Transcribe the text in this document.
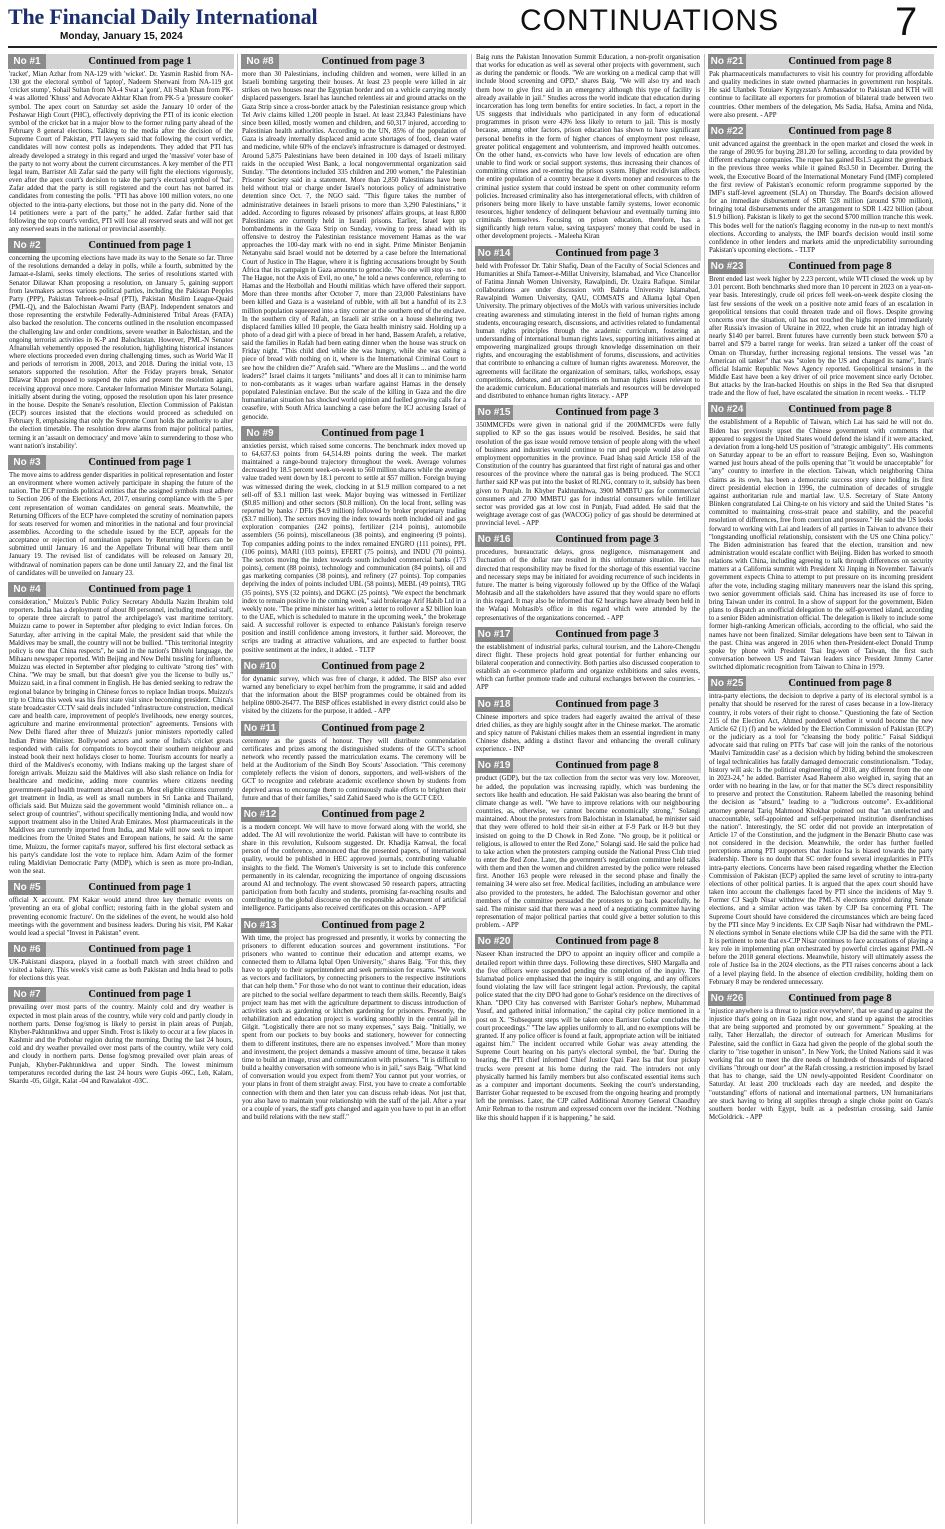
The Financial Daily International
Monday, January 15, 2024	CONTINUATIONS	7
No #1	Continued from page 1
'racket', Mian Azhar from NA-129 with 'wicket'. Dr. Yasmin Rashid from NA-130 got the electoral symbol of 'laptop', Nadeem Sherwani from NA-119 got 'cricket stump', Sohail Sultan from NA-4 Swat a 'gont', Ali Shah Khan from PK-4 was allotted 'Khuss' and Advocate Akhtar Khan from PK-5 a 'pressure cooker' symbol. The apex court on Saturday set aside the January 10 order of the Peshawar High Court (PHC), effectively depriving the PTI of its iconic election symbol of the cricket bat in a major blow to the former ruling party ahead of the February 8 general elections. Talking to the media after the decision of the Supreme Court of Pakistan, PTI lawyers said that following the court verdict, candidates will now contest polls as independents. They added that PTI has already developed a strategy in this regard and urged the 'massive' voter base of the party to not worry about the current circumstances. A key member of the PTI legal team, Barrister Ali Zafar said the party will fight the elections vigorously, even after the apex court's decision to take the party's electoral symbol of 'bat'. Zafar added that the party is still registered and the court has not barred its candidates from contesting the polls. "PTI has above 100 million voters, no one objected to the intra-party elections, but those not in the party did. None of the 14 petitioners were a part of the party," he added. Zafar further said that following the top court's verdict, PTI will lose all reserved seats and will not get any reserved seats in the national or provincial assembly.
No #2	Continued from page 1
concerning the upcoming elections have made its way to the Senate so far. Three of the resolutions demanded a delay in polls, while a fourth, submitted by the Jamaat-e-Islami, seeks timely elections. The series of resolutions started with Senator Dilawar Khan proposing a resolution, on January 5, gaining support from lawmakers across various political parties, including the Pakistan Peoples Party (PPP), Pakistan Tehreek-e-Insaf (PTI), Pakistan Muslim League-Quaid (PML-Q), and the Balochistan Awami Party (BAP). Independent senators and those representing the erstwhile Federally-Administered Tribal Areas (FATA) also backed the resolution. The concerns outlined in the resolution encompassed the challenging law and order conditions, severe weather in Balochistan, and the ongoing terrorist activities in K-P and Balochistan. However, PML-N Senator Afnanullah vehemently opposed the resolution, highlighting historical instances where elections proceeded even during challenging times, such as World War II and periods of terrorism in 2008, 2013, and 2018. During the initial vote, 13 senators supported the resolution. After the Friday prayers break, Senator Dilawar Khan proposed to suspend the rules and present the resolution again, receiving approval once more. Caretaker Information Minister Murtaza Solangi, initially absent during the voting, opposed the resolution upon his later presence in the house. Despite the Senate's resolution, Election Commission of Pakistan (ECP) sources insisted that the elections would proceed as scheduled on February 8, emphasising that only the Supreme Court holds the authority to alter the election timetable. The resolution drew alarms from major political parties, terming it an 'assault on democracy' and move 'akin to surrendering to those who want nation's instability'.
No #3	Continued from page 1
The move aims to address gender disparities in political representation and foster an environment where women actively participate in shaping the future of the nation. The ECP reminds political entities that the assigned symbols must adhere to Section 206 of the Elections Act, 2017, ensuring compliance with the 5 per cent representation of woman candidates on general seats. Meanwhile, the Returning Officers of the ECP have completed the scrutiny of nomination papers for seats reserved for women and minorities in the national and four provincial assemblies. According to the schedule issued by the ECP, appeals for the acceptance or rejection of nomination papers by Returning Officers can be submitted until January 16 and the Appellate Tribunal will hear them until January 19. The revised list of candidates will be released on January 20, withdrawal of nomination papers can be done until January 22, and the final list of candidates will be unveiled on January 23.
No #4	Continued from page 1
consideration," Muizzu's Public Policy Secretary Abdulla Nazim Ibrahim told reporters. India has a deployment of about 80 personnel, including medical staff, to operate three aircraft to patrol the archipelago's vast maritime territory. Muizzu came to power in September after pledging to evict Indian forces. On Saturday, after arriving in the capital Male, the president said that while the Maldives may be small, the country will not be bullied. "This territorial integrity policy is one that China respects", he said in the nation's Dhivehi language, the Mihaaru newspaper reported. With Beijing and New Delhi tussling for influence, Muizzu was elected in September after pledging to cultivate "strong ties" with China. "We may be small, but that doesn't give you the license to bully us," Muizzu said, in a final comment in English. He has denied seeking to redraw the regional balance by bringing in Chinese forces to replace Indian troops. Muizzu's trip to China this week was his first state visit since becoming president. China's state broadcaster CCTV said deals included "infrastructure construction, medical care and health care, improvement of people's livelihoods, new energy sources, agriculture and marine environmental protection" agreements. Tensions with New Delhi flared after three of Muizzu's junior ministers reportedly called Indian Prime Minister. Bollywood actors and some of India's cricket greats responded with calls for compatriots to boycott their southern neighbour and instead book their next holidays closer to home. Tourism accounts for nearly a third of the Maldives's economy, with Indians making up the largest share of foreign arrivals. Muizzu said the Maldives will also slash reliance on India for healthcare and medicine, adding more countries where citizens needing government-paid health treatment abroad can go. Most eligible citizens currently get treatment in India, as well as small numbers in Sri Lanka and Thailand, officials said. But Muizzu said the government would "diminish reliance on... a select group of countries", without specifically mentioning India, and would now support treatment also in the United Arab Emirates. Most pharmaceuticals in the Maldives are currently imported from India, and Male will now seek to import medicines from the United States and European nations, he said. At the same time, Muizzu, the former capital's mayor, suffered his first electoral setback as his party's candidate lost the vote to replace him. Adam Azim of the former ruling Maldivian Democratic Party (MDP), which is seen as more pro-Indian, won the seat.
No #5	Continued from page 1
official X account. PM Kakar would attend three key thematic events on 'preventing an era of global conflict; restoring faith in the global system and preventing economic fracture'. On the sidelines of the event, he would also hold meetings with the government and business leaders. During his visit, PM Kakar would lead a special "Invest in Pakistan" event.
No #6	Continued from page 1
UK-Pakistani diaspora, played in a football match with street children and visited a bakery. This week's visit came as both Pakistan and India head to polls for elections this year.
No #7	Continued from page 1
prevailing over most parts of the country. Mainly cold and dry weather is expected in most plain areas of the country, while very cold and partly cloudy in northern parts. Dense fog/smog is likely to persist in plain areas of Punjab, Khyber-Pakhtunkhwa and upper Sindh. Frost is likely to occur at a few places in Kashmir and the Pothohar region during the morning. During the last 24 hours, cold and dry weather prevailed over most parts of the country, while very cold and cloudy in northern parts. Dense fog/smog prevailed over plain areas of Punjab, Khyber-Pakhtunkhwa and upper Sindh. The lowest minimum temperatures recorded during the last 24 hours were Gupis -06C, Leh, Kalam, Skardu -05, Gilgit, Kalat -04 and Rawalakot -03C.
No #8	Continued from page 3
more than 30 Palestinians, including children and women, were killed in an Israeli bombing targeting their houses. At least 23 people were killed in air strikes on two houses near the Egyptian border and on a vehicle carrying mostly displaced passengers. Israel has launched relentless air and ground attacks on the Gaza Strip since a cross-border attack by the Palestinian resistance group which Tel Aviv claims killed 1,200 people in Israel. At least 23,843 Palestinians have since been killed, mostly women and children, and 60,317 injured, according to Palestinian health authorities. According to the UN, 85% of the population of Gaza is already internally displaced amid acute shortages of food, clean water and medicine, while 60% of the enclave's infrastructure is damaged or destroyed. Around 5,875 Palestinians have been detained in 100 days of Israeli military raids in the occupied West Bank, a local nongovernmental organization said Sunday. "The detentions included 335 children and 200 women," the Palestinian Prisoner Society said in a statement. More than 2,850 Palestinians have been held without trial or charge under Israel's notorious policy of administrative detention since Oct. 7, the NGO said. "This figure takes the number of administrative detainees in Israeli prisons to more than 3,290 Palestinians," it added. According to figures released by prisoners' affairs groups, at least 8,800 Palestinians are currently held in Israeli prisons. Earlier, Israel kept up bombardments in the Gaza Strip on Sunday, vowing to press ahead with its offensive to destroy the Palestinian resistance movement Hamas as the war approaches the 100-day mark with no end in sight. Prime Minister Benjamin Netanyahu said Israel would not be deterred by a case before the International Court of Justice in The Hague, where it is fighting accusations brought by South Africa that its campaign in Gaza amounts to genocide. "No one will stop us - not The Hague, not the Axis of Evil, no one," he told a news conference, referring to Hamas and the Hezbollah and Houthi militias which have offered their support. More than three months after October 7, more than 23,000 Palestinians have been killed and Gaza is a wasteland of rubble, with all but a handful of its 2.3 million population squeezed into a tiny corner at the southern end of the enclave. In the southern city of Rafah, an Israeli air strike on a house sheltering two displaced families killed 10 people, the Gaza health ministry said. Holding up a photo of a dead girl with a piece of bread in her hand, Bassem Arafeh, a relative, said the families in Rafah had been eating dinner when the house was struck on Friday night. "This child died while she was hungry, while she was eating a piece of bread with nothing on it, where is the International Criminal Court to see how the children die?" Arafeh said. "Where are the Muslims ... and the world leaders?" Israel claims it targets "militants" and does all it can to minimise harm to non-combatants as it wages urban warfare against Hamas in the densely populated Palestinian enclave. But the scale of the killing in Gaza and the dire humanitarian situation has shocked world opinion and fuelled growing calls for a ceasefire, with South Africa launching a case before the ICJ accusing Israel of genocide.
No #9	Continued from page 1
anxieties persist, which raised some concerns. The benchmark index moved up to 64,637.63 points from 64,514.89 points during the week. The market maintained a range-bound trajectory throughout the week. Average volumes decreased by 18.5 percent week-on-week to 560 million shares while the average value traded went down by 18.1 percent to settle at $57 million. Foreign buying was witnessed during the week, clocking in at $1.9 million compared to a net sell-off of $3.1 million last week. Major buying was witnessed in Fertilizer ($0.85 million) and other sectors ($0.8 million). On the local front, selling was reported by banks / DFIs ($4.9 million) followed by broker proprietary trading ($3.7 million). The sectors moving the index towards north included oil and gas exploration companies (242 points), fertilizer (214 points), automobile assemblers (56 points), miscellaneous (38 points), and engineering (9 points). Top companies adding points to the index remained ENGRO (111 points), PPL (106 points), MARI (103 points), EFERT (75 points), and INDU (70 points). The sectors moving the index towards south included commercial banks (173 points), cement (88 points), technology and communication (84 points), oil and gas marketing companies (38 points), and refinery (27 points). Top companies depriving the index of points included UBL (58 points), MEBL (49 points), TRG (35 points), SYS (32 points), and DGKC (25 points). "We expect the benchmark index to remain positive in the coming week," said brokerage Arif Habib Ltd in a weekly note. "The prime minister has written a letter to rollover a $2 billion loan to the UAE, which is scheduled to mature in the upcoming week," the brokerage said. A successful rollover is expected to enhance Pakistan's foreign reserve position and instill confidence among investors, it further said. Moreover, the scrips are trading at attractive valuations, and are expected to further boost positive sentiment at the index, it added. - TLTP
No #10	Continued from page 2
for dynamic survey, which was free of charge, it added. The BISP also ever warned any beneficiary to expel her/him from the programme, it said and added that the information about the BISP programmes could be obtained from its helpline 0800-26477. The BISP offices established in every district could also be visited by the citizens for the purpose, it added. - APP
No #11	Continued from page 2
ceremony as the guests of honour. They will distribute commendation certificates and prizes among the distinguished students of the GCT's school network who recently passed the matriculation exams. The ceremony will be held at the Auditorium of the Sindh Boy Scouts' Association. "This ceremony completely reflects the vision of donors, supporters, and well-wishers of the GCT to recognize and celebrate academic excellence shown by students from deprived areas to encourage them to continuously make efforts to brighten their future and that of their families," said Zahid Saeed who is the GCT CEO.
No #12	Continued from page 2
is a modern concept. We will have to move forward along with the world, she added. The AI will revolutionize the world. Pakistan will have to contribute its share in this revolution, Kulsoom suggested. Dr. Khadija Kanwal, the focal person of the conference, announced that the presented papers, of international quality, would be published in HEC approved journals, contributing valuable insights to the field. The Women's University is set to include this conference permanently in its calendar, recognizing the importance of ongoing discussions around AI and technology. The event showcased 50 research papers, attracting participation from both faculty and students, promising far-reaching results and contributing to the global discourse on the responsible advancement of artificial intelligence. Participants also received certificates on this occasion. - APP
No #13	Continued from page 2
With time, the project has progressed and presently, it works by connecting the prisoners to different education sources and government institutions. "For prisoners who wanted to continue their education and attempt exams, we connected them to Allama Iqbal Open University," shares Baig. "For this, they have to apply to their superintendent and seek permission for exams. "We work as vectors and facilitators, by connecting prisoners to the respective institutions that can help them." For those who do not want to continue their education, ideas are pitched to the social welfare department to teach them skills. Recently, Baig's project team has met with the agriculture department to discuss introduction of activities such as gardening or kitchen gardening for prisoners. Presently, the rehabilitation and education project is working smoothly in the central jail in Gilgit. "Logistically there are not so many expenses," says Baig. "Initially, we spent from our pockets to buy books and stationery, however for connecting them to different institutes, there are no expenses involved." More than money and investment, the project demands a massive amount of time, because it takes time to build an image, trust and communication with prisoners. "It is difficult to build a healthy conversation with someone who is in jail," says Baig. "What kind of conversation would you expect from them? You cannot put your worries, or your plans in front of them straight away. First, you have to create a comfortable connection with them and then later you can discuss rehab ideas. Not just that, you also have to maintain your relationship with the staff of the jail. After a year or a couple of years, the staff gets changed and again you have to put in an effort and build relations with the new staff."
Baig runs the Pakistan Innovation Summit Education, a non-profit organisation that works for education as well as several other projects with government, such as during the pandemic or floods. "We are working on a medical camp that will include blood screening and OPD," shares Baig. "We will also try and teach them how to give first aid in an emergency although this type of facility is already available in jail." Studies across the world indicate that education during incarceration has long term benefits for entire societies. In fact, a report in the US suggests that individuals who participated in any form of educational programmes in prison were 43% less likely to return to jail. This is mostly because, among other factors, prison education has shown to have significant personal benefits in the form of higher chances of employment post release, greater political engagement and volunteerism, and improved health outcomes. On the other hand, ex-convicts who have low levels of education are often unable to find work or social support systems, thus increasing their chances of committing crimes and re-entering the prison system. Higher recidivism affects the entire population of a country because it diverts money and resources to the criminal justice system that could instead be spent on other community reform policies. Increased criminality also has intergenerational effects, with children of prisoners being more likely to have unstable family systems, lower economic resources, higher tendency of delinquent behaviour and eventually turning into criminals themselves. Focusing on prison education, therefore, has a significantly high return value, saving taxpayers' money that could be used in other development projects. - Maleeha Kiran
No #14	Continued from page 3
held with Professor Dr. Tahir Shafiq, Dean of the Faculty of Social Sciences and Humanities at Shifa Tameer-e-Millat University, Islamabad, and Vice Chancellor of Fatima Jinnah Women University, Rawalpindi, Dr. Uzaira Rafique. Similar collaborations are under discussion with Bahria University Islamabad, Rawalpindi Women University, QAU, COMSATS and Allama Iqbal Open University. The primary objectives of the MoUs with various universities include creating awareness and stimulating interest in the field of human rights among students, encouraging research, discussions, and activities related to fundamental human rights principles through the academic curriculum, fostering an understanding of international human rights laws, supporting initiatives aimed at empowering marginalized groups through knowledge dissemination on their rights, and encouraging the establishment of forums, discussions, and activities that contribute to enhancing a culture of human rights awareness. Moreover, the agreements will facilitate the organization of seminars, talks, workshops, essay competitions, debates, and art competitions on human rights issues relevant to the academic curriculum. Educational materials and resources will be developed and distributed to enhance human rights literacy. - APP
No #15	Continued from page 3
350MMCFDs were given in national grid if the 200MMCFDs were fully supplied to KP so the gas issues would be resolved. Besides, he said that resolution of the gas issue would remove tension of people along with the wheel of business and industries would continue to run and people would also avail employment opportunities in the province. Fuad Ishaq said Article 158 of the Constitution of the country has guaranteed that first right of natural gas and other resources of the province where the natural gas is being produced. The SCCI further said KP was put into the basket of RLNG, contrary to it, subsidy has been given to Punjab. In Khyber Pakhtunkhwa, 3900 MMBTU gas for commercial consumers and 2700 MMBTU gas for industrial consumers while fertilizer sector was provided gas at low cost in Punjab, Fuad added. He said that the weightage average cost of gas (WACOG) policy of gas should be determined at provincial level. - APP
No #16	Continued from page 3
procedures, bureaucratic delays, gross negligence, mismanagement and fluctuation of the dollar rate resulted in this unfortunate situation. He has directed that responsibility may be fixed for the shortage of this essential vaccine and necessary steps may be initiated for avoiding recurrence of such incidents in future. The matter is being vigorously followed up by the Office of the Wafaqi Mohtasib and all the stakeholders have assured that they would spare no efforts in this regard. It may also be informed that 62 hearings have already been held in the Wafaqi Mohtasib's office in this regard which were attended by the representatives of the organizations concerned. - APP
No #17	Continued from page 3
the establishment of industrial parks, cultural tourism, and the Lahore-Chengdu direct flight. These projects hold great potential for further enhancing our bilateral cooperation and connectivity. Both parties also discussed cooperation to establish an e-commerce platform and organize exhibitions and sales events, which can further promote trade and cultural exchanges between the countries. - APP
No #18	Continued from page 3
Chinese importers and spice traders had eagerly awaited the arrival of these dried chilies, as they are highly sought after in the Chinese market. The aromatic and spicy nature of Pakistani chilies makes them an essential ingredient in many Chinese dishes, adding a distinct flavor and enhancing the overall culinary experience. - INP
No #19	Continued from page 8
product (GDP), but the tax collection from the sector was very low. Moreover, he added, the population was increasing rapidly, which was burdening the sectors like health and education. He said Pakistan was also bearing the brunt of climate change as well. "We have to improve relations with our neighbouring countries, as, otherwise, we cannot become economically strong," Solangi maintained. About the protesters from Balochistan in Islamabad, he minister said that they were offered to hold their sit-in either at F-9 Park or H-9 but they insisted on going to the D Chowk in Red Zone. "No group, be it political or religious, is allowed to enter the Red Zone," Solangi said. He said the police had to take action when the protesters camping outside the National Press Club tried to enter the Red Zone. Later, the government's negotiation committee held talks with them and then the women and children arrested by the police were released first. Another 163 people were released in the second phase and finally the remaining 34 were also set free. Medical facilities, including an ambulance were also provided to the protesters, he added. The Balochistan governor and other members of the committee persuaded the protesters to go back peacefully, he said. The minister said that there was a need of a negotiating committee having representation of major political parties that could give a better solution to this problem. - APP
No #20	Continued from page 8
Naseer Khan instructed the DPO to appoint an inquiry officer and compile a detailed report within three days. Following these directives, SHO Margalla and the five officers were suspended pending the completion of the inquiry. The Islamabad police emphasised that the inquiry is still ongoing, and any officers found violating the law will face stringent legal action. Previously, the capital police stated that the city DPO had gone to Gohar's residence on the directives of Khan. "DPO City has conversed with Barrister Gohar's nephew, Muhammad Yusuf, and gathered initial information," the capital city police mentioned in a post on X. "Subsequent steps will be taken once Barrister Gohar concludes the court proceedings." "The law applies uniformly to all, and no exemptions will be granted. If any police officer is found at fault, appropriate action will be initiated against him." The incident occurred while Gohar was away attending the Supreme Court hearing on his party's electoral symbol, the 'bat'. During the hearing, the PTI chief informed Chief Justice Qazi Faez Isa that four pickup trucks were present at his home during the raid. The intruders not only physically harmed his family members but also confiscated essential items such as a computer and important documents. Seeking the court's understanding, Barrister Gohar requested to be excused from the ongoing hearing and promptly left the premises. Later, the CJP called Additional Attorney General Chaudhry Amir Rehman to the rostrum and expressed concern over the incident. "Nothing like this should happen if it is happening," he said.
No #21	Continued from page 8
Pak pharmaceuticals manufacturers to visit his country for providing affordable and quality medicines in state owned pharmacies in government run hospitals. He said Ulanbek Totuiaev Kyrgyzstan's Ambassador to Pakistan and KTH will continue to facilitate all exporters for promotion of bilateral trade between two countries. Other members of the delegation, Ms Sadia, Hafsa, Amina and Nida, were also present. - APP
No #22	Continued from page 8
unit advanced against the greenback in the open market and closed the week in the range of 280.95 for buying 281.20 for selling, according to data provided by different exchange companies. The rupee has gained Rs1.5 against the greenback in the previous three weeks while it gained Rs3.50 in December. During the week, the Executive Board of the International Monetary Fund (IMF) completed the first review of Pakistan's economic reform programme supported by the IMF's staff-level agreement (SLA) on Thursday. The Board's decision allowed for an immediate disbursement of SDR 528 million (around $700 million), bringing total disbursements under the arrangement to SDR 1.422 billion (about $1.9 billion). Pakistan is likely to get the second $700 million tranche this week. This bodes well for the nation's flagging economy in the run-up to next month's elections. According to analysts, the IMF board's decision would instil some confidence in other lenders and markets amid the unpredictability surrounding Pakistan's upcoming elections. - TLTP
No #23	Continued from page 8
Brent ended last week higher by 2.23 percent, while WTI closed the week up by 3.01 percent. Both benchmarks shed more than 10 percent in 2023 on a year-on-year basis. Interestingly, crude oil prices fell week-on-week despite closing the last few sessions of the week on a positive note amid fears of an escalation in geopolitical tensions that could threaten trade and oil flows. Despite growing concerns over the situation, oil has not touched the highs reported immediately after Russia's invasion of Ukraine in 2022, when crude hit an intraday high of nearly $140 per barrel. Brent futures have currently been stuck between $70 a barrel and $79 a barrel range for weeks. Iran seized a tanker off the coast of Oman on Thursday, further increasing regional tensions. The vessel was "an American oil tanker" that was "stolen by the US and changed its name", Iran's official Islamic Republic News Agency reported. Geopolitical tensions in the Middle East have been a key driver of oil price movement since early October. But attacks by the Iran-backed Houthis on ships in the Red Sea that disrupted trade and the flow of fuel, have escalated the situation in recent weeks. - TLTP
No #24	Continued from page 8
the establishment of a Republic of Taiwan, which Lai has said he will not do. Biden has previously upset the Chinese government with comments that appeared to suggest the United States would defend the island if it were attacked, a deviation from a long-held US position of "strategic ambiguity". His comments on Saturday appear to be an effort to reassure Beijing. Even so, Washington warned just hours ahead of the polls opening that "it would be unacceptable" for "any" country to interfere in the election. Taiwan, which neighboring China claims as its own, has been a democratic success story since holding its first direct presidential election in 1996, the culmination of decades of struggle against authoritarian rule and martial law. U.S. Secretary of State Antony Blinken congratulated Lai Ching-te on his victory and said the United States "is committed to maintaining cross-strait peace and stability, and the peaceful resolution of differences, free from coercion and pressure." He said the US looks forward to working with Lai and leaders of all parties in Taiwan to advance their "longstanding unofficial relationship, consistent with the US one China policy." The Biden administration has feared that the election, transition and new administration would escalate conflict with Beijing. Biden has worked to smooth relations with China, including agreeing to talk through differences on security matters at a California summit with President Xi Jinping in November. Taiwan's government expects China to attempt to put pressure on its incoming president after the vote, including staging military maneuvers near the island this spring, two senior government officials said. China has increased its use of force to bring Taiwan under its control. In a show of support for the government, Biden plans to dispatch an unofficial delegation to the self-governed island, according to a senior Biden administration official. The delegation is likely to include some former high-ranking American officials, according to the official, who said the names have not been finalized. Similar delegations have been sent to Taiwan in the past. China was angered in 2016 when then-President-elect Donald Trump spoke by phone with President Tsai Ing-wen of Taiwan, the first such conversation between US and Taiwan leaders since President Jimmy Carter switched diplomatic recognition from Taiwan to China in 1979.
No #25	Continued from page 8
intra-party elections, the decision to deprive a party of its electoral symbol is a penalty that should be reserved for the rarest of cases because in a low-literacy country, it robs voters of their right to choose." Questioning the fate of Section 215 of the Election Act, Ahmed pondered whether it would become the new Article 62 (1) (f) and be wielded by the Election Commission of Pakistan (ECP) or the judiciary as a tool for "cleansing the body politic." Faisal Siddiqui advocate said that ruling on PTI's 'bat' case will join the ranks of the notorious 'Maulvi Tamizuddin case' as a decision which by hiding behind the smokescreen of legal technicalities has fatally damaged democratic constitutionalism. "Today, history will ask: Is the political engineering of 2018, any different from the one in 2023-24," he added. Barrister Asad Raheem also weighed in, saying that an order with no hearing in the law, or for that matter the SC's direct responsibility to preserve and protect the Constitution. Raheem labelled the reasoning behind the decision as "absurd," leading to a "ludicrous outcome". Ex-additional attorney general Tariq Mahmood Khokhar pointed out that "an unelected and unaccountable, self-appointed and self-perpetuated institution disenfranchises the nation". Interestingly, the SC order did not provide an interpretation of Article 17 of the Constitution, and the judgment in the Benazir Bhutto case was not considered in the decision. Meanwhile, the order has further fuelled perceptions among PTI supporters that Justice Isa is biased towards the party leadership. There is no doubt that SC order found several irregularities in PTI's intra-party elections. Concerns have been raised regarding whether the Election Commission of Pakistan (ECP) applied the same level of scrutiny to intra-party elections of other political parties. It is argued that the apex court should have taken into account the challenges faced by PTI since the incidents of May 9. Former CJ Saqib Nisar withdrew the PML-N elections symbol during Senate elections, and a similar action was taken by CJP Isa concerning PTI. The Supreme Court should have considered the circumstances which are being faced by the PTI since May 9 incidents. Ex CJP Saqib Nisar had withdrawn the PML-N elections symbol in Senate elections while CJP Isa did the same with the PTI. It is pertinent to note that ex-CJP Nisar continues to face accusations of playing a key role in implementing plan orchestrated by powerful circles against PML-N before the 2018 general elections. Meanwhile, history will ultimately assess the role of Justice Isa in the 2024 elections, as the PTI raises concerns about a lack of a level playing field. In the absence of election credibility, holding them on February 8 may be rendered unnecessary.
No #26	Continued from page 8
'injustice anywhere is a threat to justice everywhere', that we stand up against the injustice that's going on in Gaza right now, and stand up against the atrocities that are being supported and promoted by our government." Speaking at the rally, Taher Herzallah, the director of outreach for American Muslims for Palestine, said the conflict in Gaza had given the people of the global south the clarity to "rise together in unison". In New York, the United Nations said it was working flat out to meet the dire needs of hundreds of thousands of displaced civilians "through our door" at the Rafah crossing, a restriction imposed by Israel that has to change, said the UN newly-appointed Resident Coordinator on Saturday. At least 200 truckloads each day are needed, and despite the "outstanding" efforts of national and international partners, UN humanitarians are stuck having to bring all supplies through a single choke point on Gaza's southern border with Egypt, built as a pedestrian crossing, said Jamie McGoldrick. - APP
